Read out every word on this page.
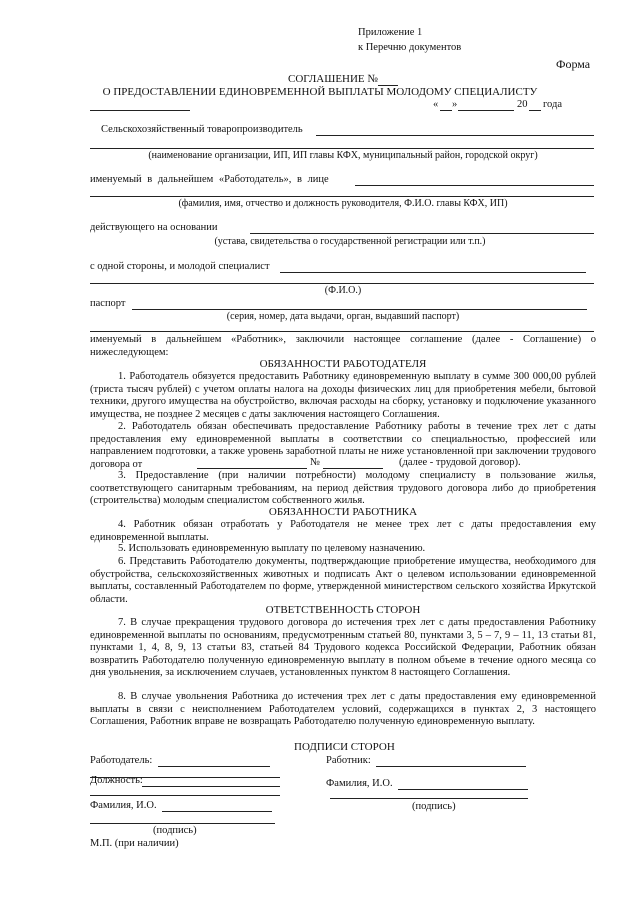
Приложение 1
к Перечню документов
Форма
СОГЛАШЕНИЕ №
О ПРЕДОСТАВЛЕНИИ ЕДИНОВРЕМЕННОЙ ВЫПЛАТЫ МОЛОДОМУ СПЕЦИАЛИСТУ
« »	20 года
Сельскохозяйственный товаропроизводитель
(наименование организации, ИП, ИП главы КФХ, муниципальный район, городской округ)
именуемый в дальнейшем «Работодатель», в лице
(фамилия, имя, отчество и должность руководителя, Ф.И.О. главы КФХ, ИП)
действующего на основании
(устава, свидетельства о государственной регистрации или т.п.)
с одной стороны, и молодой специалист
(Ф.И.О.)
паспорт
(серия, номер, дата выдачи, орган, выдавший паспорт)
именуемый в дальнейшем «Работник», заключили настоящее соглашение (далее - Соглашение) о нижеследующем:
ОБЯЗАННОСТИ РАБОТОДАТЕЛЯ
1. Работодатель обязуется предоставить Работнику единовременную выплату в сумме 300 000,00 рублей (триста тысяч рублей) с учетом оплаты налога на доходы физических лиц для приобретения мебели, бытовой техники, другого имущества на обустройство, включая расходы на сборку, установку и подключение указанного имущества, не позднее 2 месяцев с даты заключения настоящего Соглашения.
2. Работодатель обязан обеспечивать предоставление Работнику работы в течение трех лет с даты предоставления ему единовременной выплаты в соответствии со специальностью, профессией или направлением подготовки, а также уровень заработной платы не ниже установленной при заключении трудового договора от	№	(далее - трудовой договор).
3. Предоставление (при наличии потребности) молодому специалисту в пользование жилья, соответствующего санитарным требованиям, на период действия трудового договора либо до приобретения (строительства) молодым специалистом собственного жилья.
ОБЯЗАННОСТИ РАБОТНИКА
4. Работник обязан отработать у Работодателя не менее трех лет с даты предоставления ему единовременной выплаты.
5. Использовать единовременную выплату по целевому назначению.
6. Представить Работодателю документы, подтверждающие приобретение имущества, необходимого для обустройства, сельскохозяйственных животных и подписать Акт о целевом использовании единовременной выплаты, составленный Работодателем по форме, утвержденной министерством сельского хозяйства Иркутской области.
ОТВЕТСТВЕННОСТЬ СТОРОН
7. В случае прекращения трудового договора до истечения трех лет с даты предоставления Работнику единовременной выплаты по основаниям, предусмотренным статьей 80, пунктами 3, 5 – 7, 9 – 11, 13 статьи 81, пунктами 1, 4, 8, 9, 13 статьи 83, статьей 84 Трудового кодекса Российской Федерации, Работник обязан возвратить Работодателю полученную единовременную выплату в полном объеме в течение одного месяца со дня увольнения, за исключением случаев, установленных пунктом 8 настоящего Соглашения.
8. В случае увольнения Работника до истечения трех лет с даты предоставления ему единовременной выплаты в связи с неисполнением Работодателем условий, содержащихся в пунктах 2, 3 настоящего Соглашения, Работник вправе не возвращать Работодателю полученную единовременную выплату.
ПОДПИСИ СТОРОН
Работодатель:	Работник:
Должность:	Фамилия, И.О.
(подпись)
Фамилия, И.О.
(подпись)
М.П. (при наличии)
